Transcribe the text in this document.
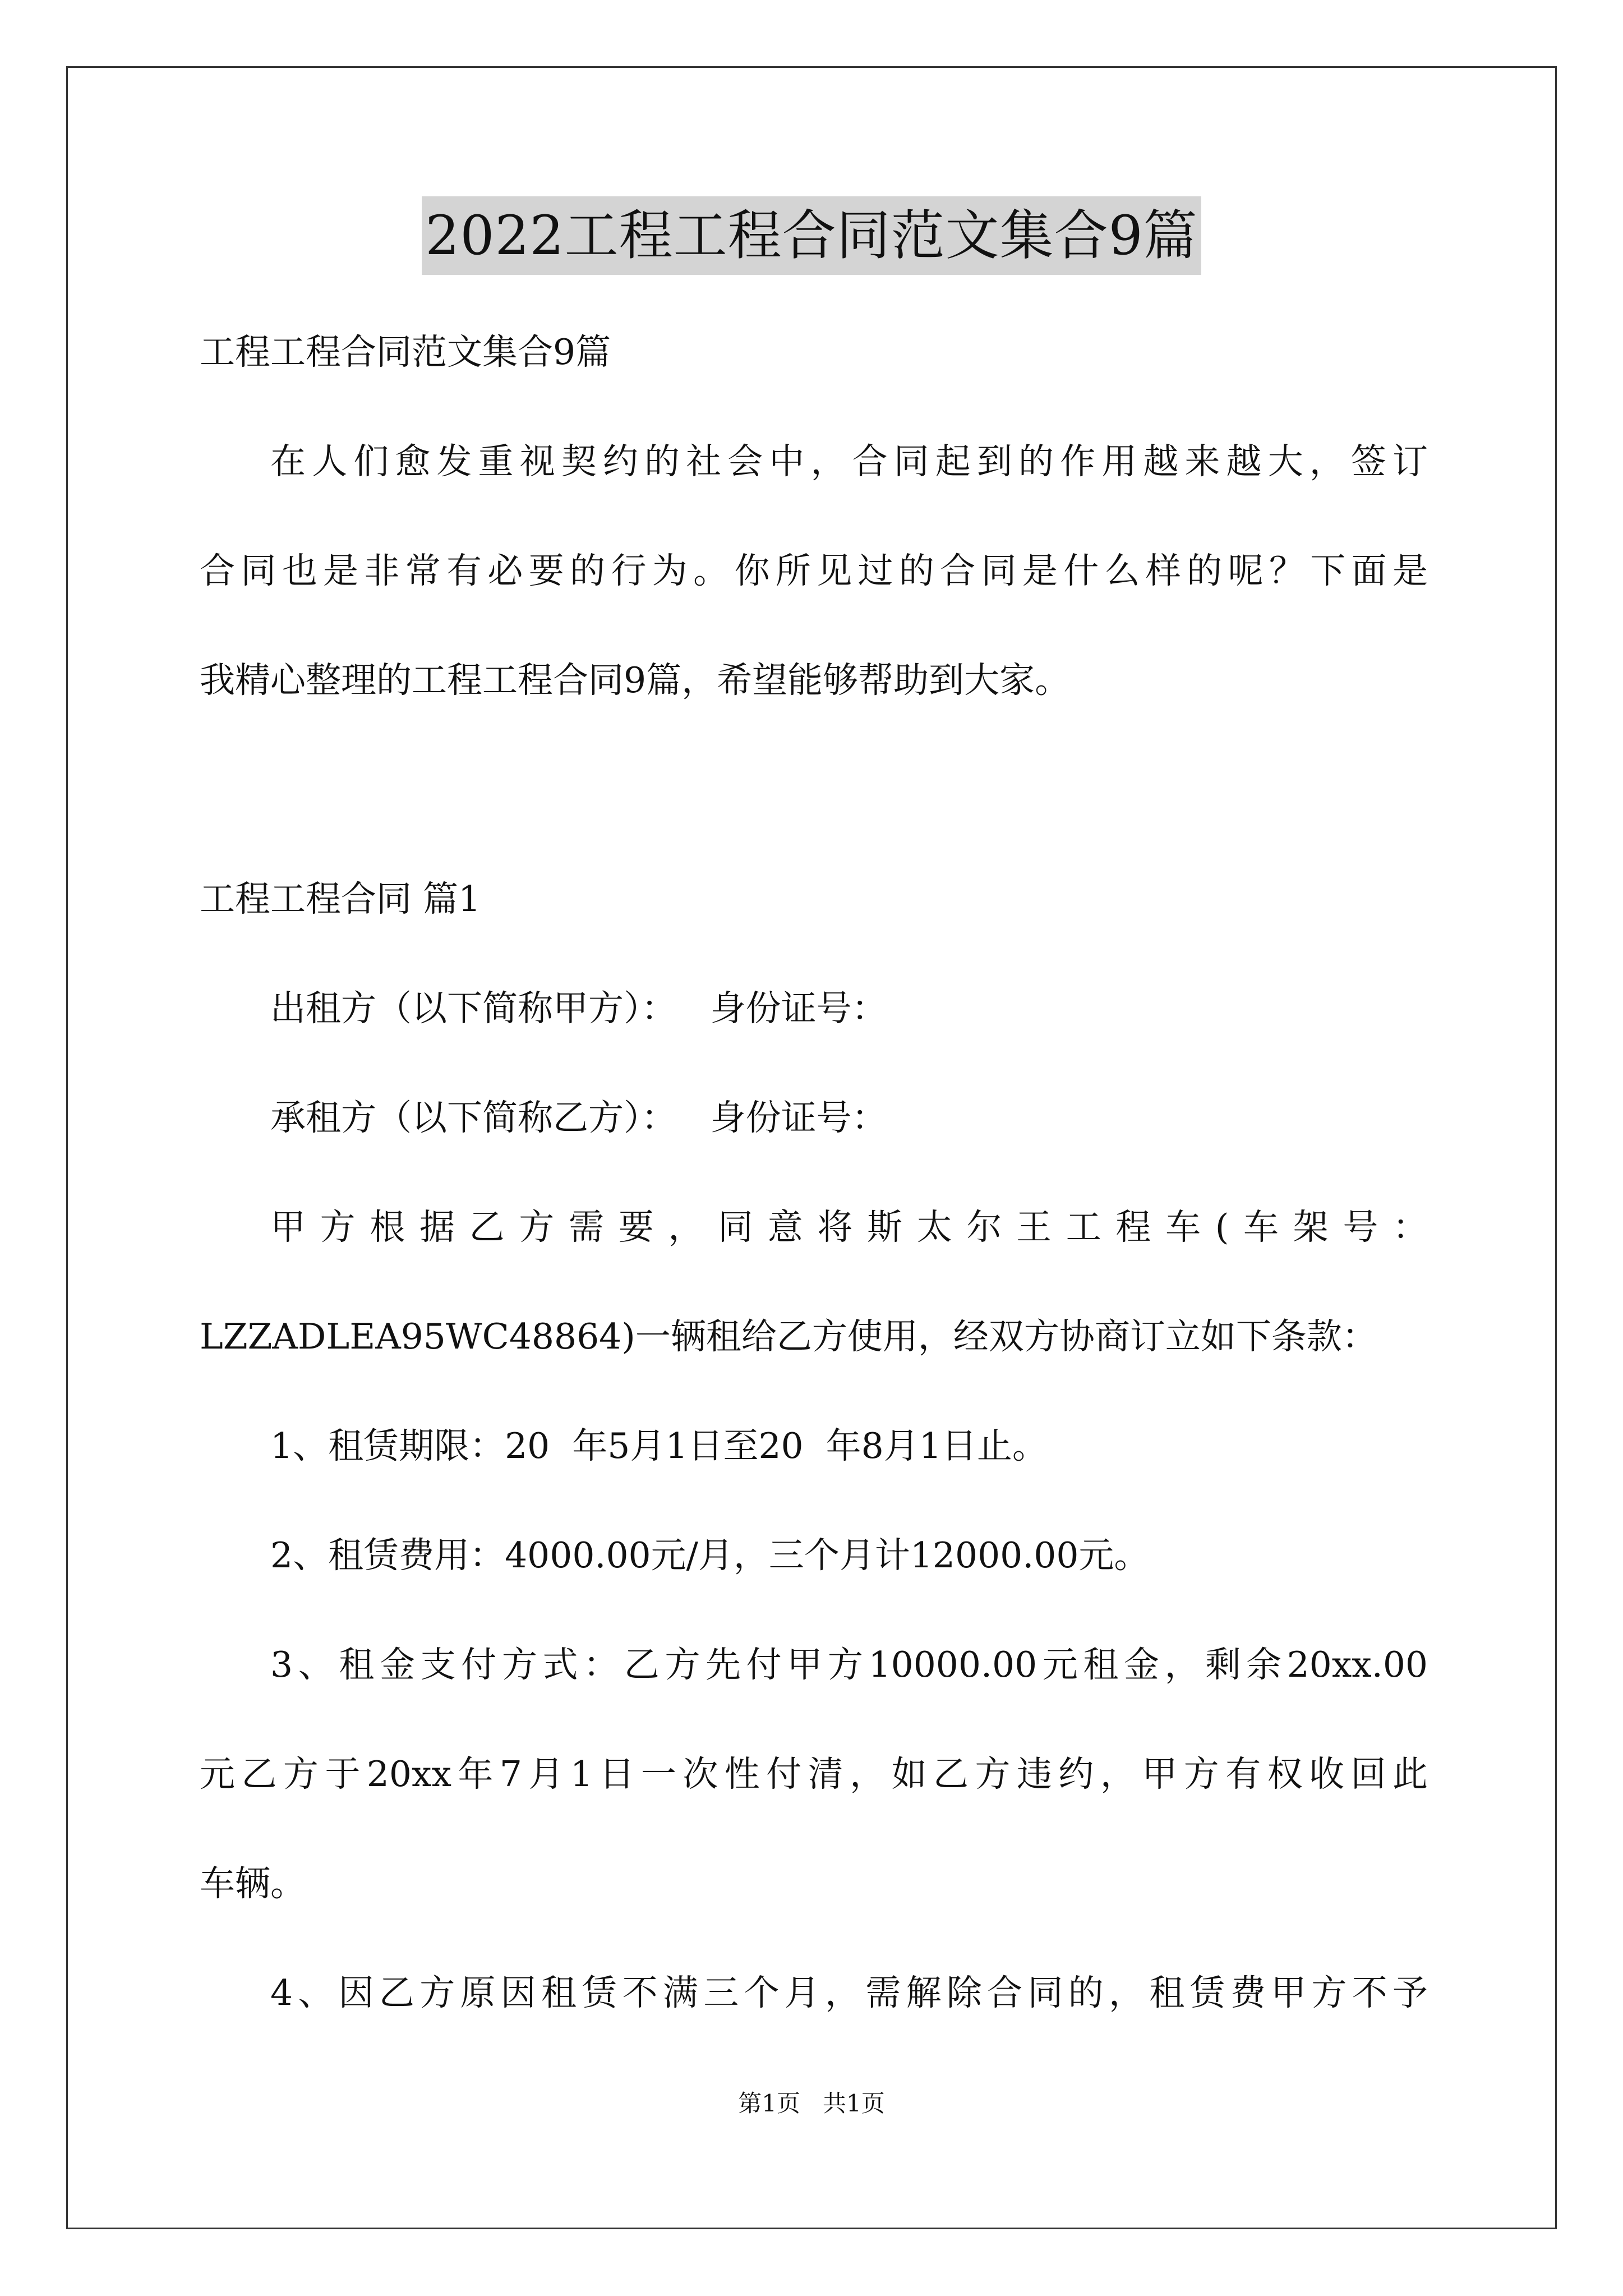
2022工程工程合同范文集合9篇

工程工程合同范文集合9篇

在人们愈发重视契约的社会中，合同起到的作用越来越大，签订

合同也是非常有必要的行为。你所见过的合同是什么样的呢？下面是

我精心整理的工程工程合同9篇，希望能够帮助到大家。

工程工程合同 篇1

出租方（以下简称甲方）：   身份证号：

承租方（以下简称乙方）：   身份证号：

甲方根据乙方需要，同意将斯太尔王工程车(车架号：

LZZADLEA95WC48864)一辆租给乙方使用，经双方协商订立如下条款：

1、租赁期限：20  年5月1日至20  年8月1日止。

2、租赁费用：4000.00元/月，三个月计12000.00元。

3、租金支付方式：乙方先付甲方10000.00元租金，剩余20xx.00

元乙方于20xx年7月1日一次性付清，如乙方违约，甲方有权收回此

车辆。

4、因乙方原因租赁不满三个月，需解除合同的，租赁费甲方不予

第1页 共1页
